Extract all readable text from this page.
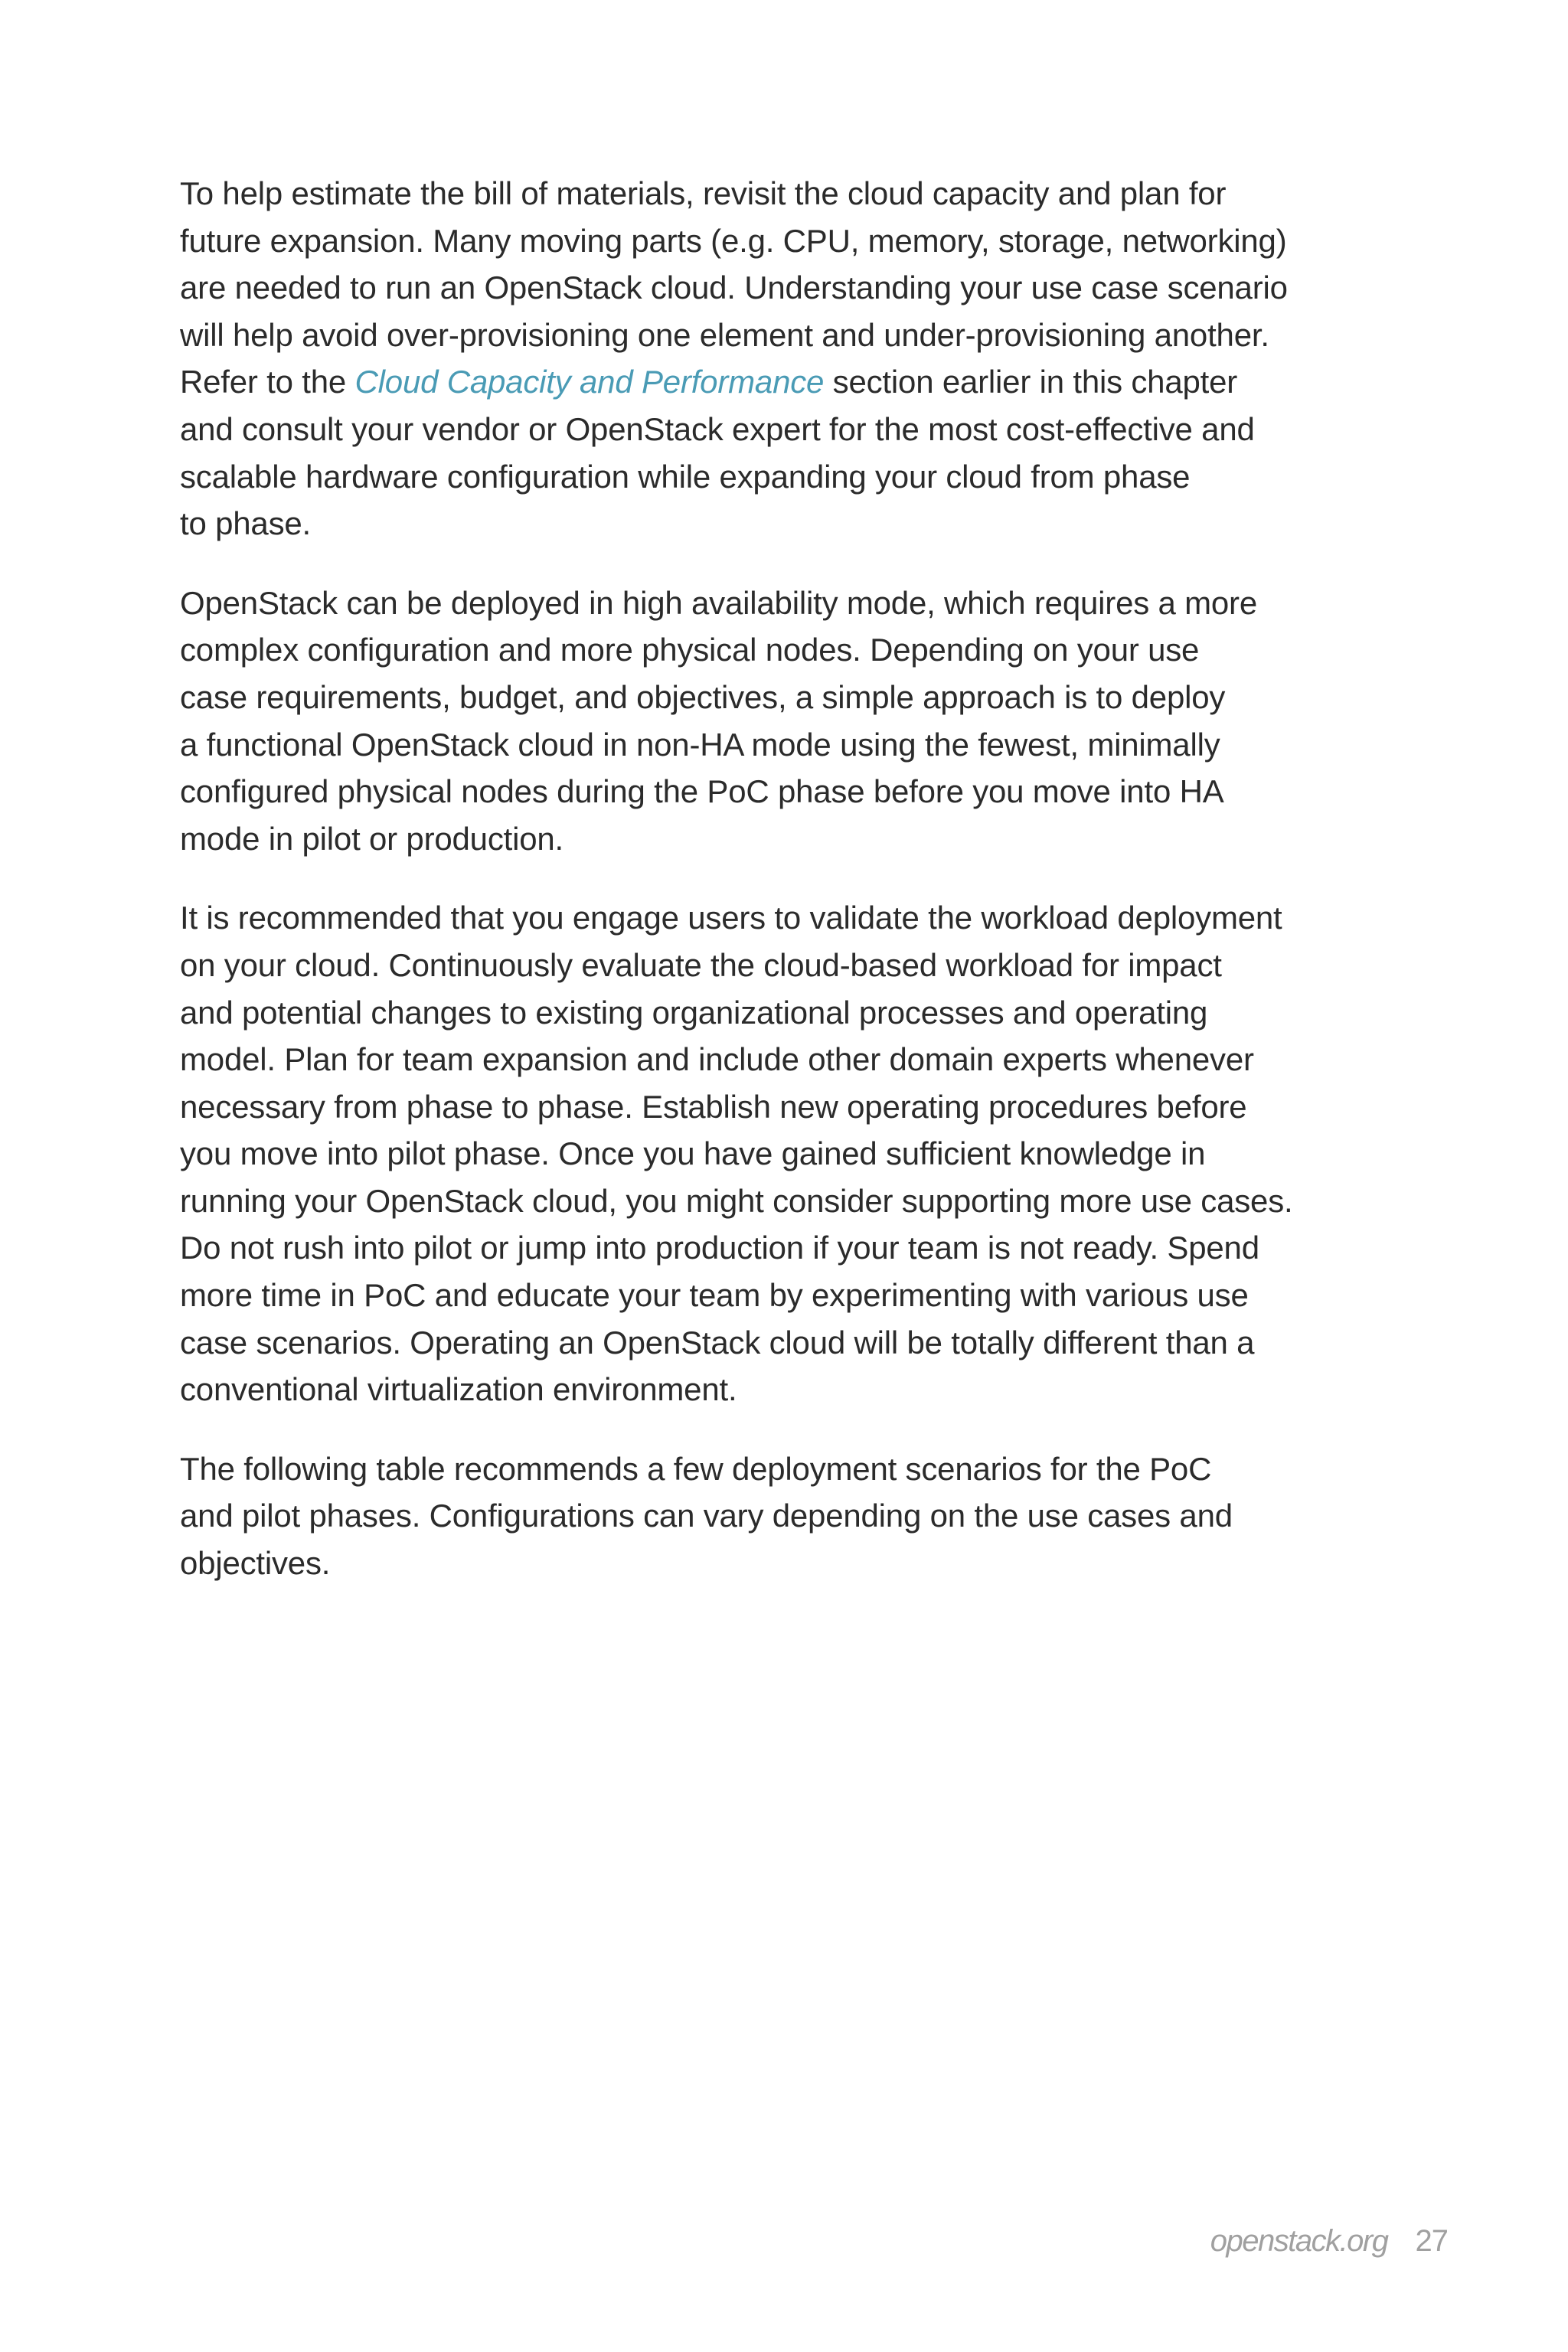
To help estimate the bill of materials, revisit the cloud capacity and plan for
future expansion. Many moving parts (e.g. CPU, memory, storage, networking)
are needed to run an OpenStack cloud. Understanding your use case scenario
will help avoid over-provisioning one element and under-provisioning another.
Refer to the Cloud Capacity and Performance section earlier in this chapter
and consult your vendor or OpenStack expert for the most cost-effective and
scalable hardware configuration while expanding your cloud from phase
to phase.

OpenStack can be deployed in high availability mode, which requires a more
complex configuration and more physical nodes. Depending on your use
case requirements, budget, and objectives, a simple approach is to deploy
a functional OpenStack cloud in non-HA mode using the fewest, minimally
configured physical nodes during the PoC phase before you move into HA
mode in pilot or production.

It is recommended that you engage users to validate the workload deployment
on your cloud. Continuously evaluate the cloud-based workload for impact
and potential changes to existing organizational processes and operating
model. Plan for team expansion and include other domain experts whenever
necessary from phase to phase. Establish new operating procedures before
you move into pilot phase. Once you have gained sufficient knowledge in
running your OpenStack cloud, you might consider supporting more use cases.
Do not rush into pilot or jump into production if your team is not ready. Spend
more time in PoC and educate your team by experimenting with various use
case scenarios. Operating an OpenStack cloud will be totally different than a
conventional virtualization environment.

The following table recommends a few deployment scenarios for the PoC
and pilot phases. Configurations can vary depending on the use cases and
objectives.

openstack.org 27
